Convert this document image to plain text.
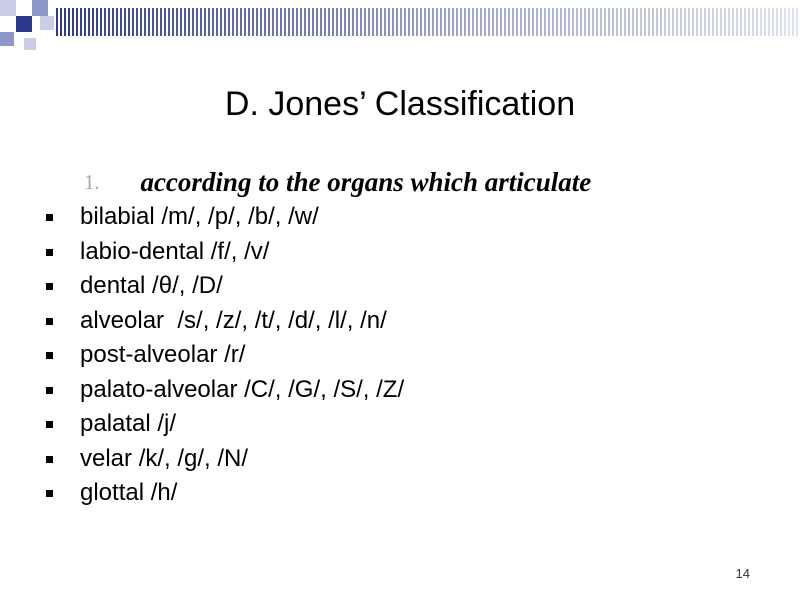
D. Jones’ Classification
1. according to the organs which articulate

bilabial /m/, /p/, /b/, /w/

labio-dental /f/, /v/

dental /θ/, /D/

alveolar  /s/, /z/, /t/, /d/, /l/, /n/

post-alveolar /r/

palato-alveolar /C/, /G/, /S/, /Z/

palatal /j/

velar /k/, /g/, /N/

glottal /h/

14
